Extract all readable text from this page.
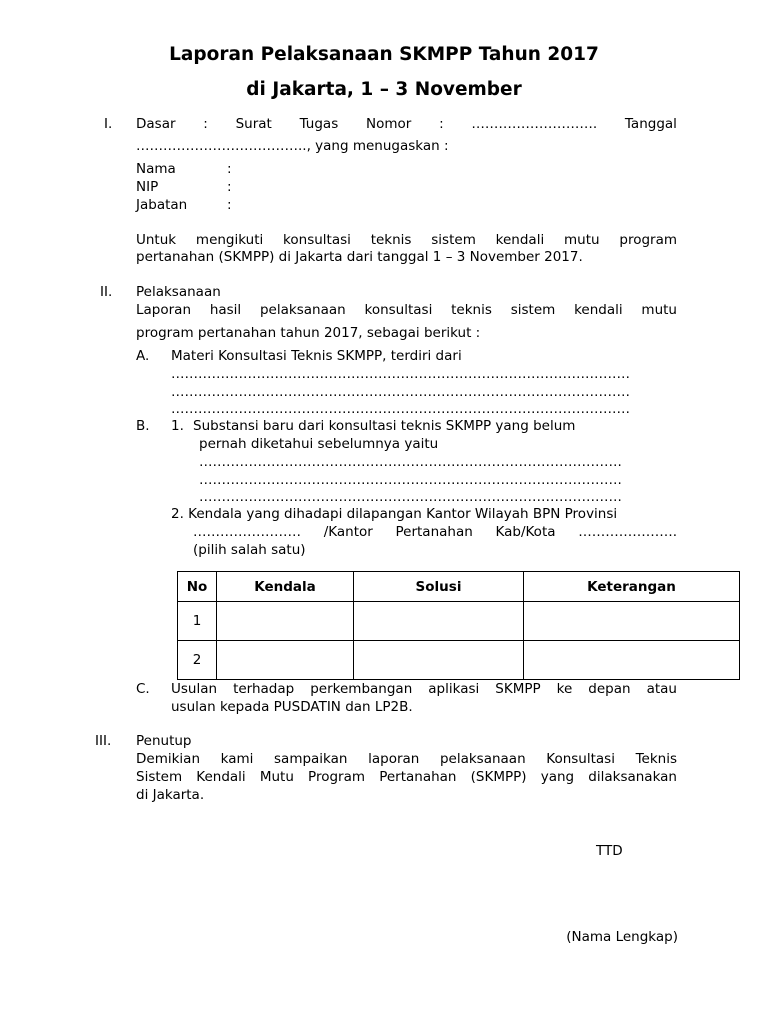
Laporan Pelaksanaan SKMPP Tahun 2017
di Jakarta, 1 – 3 November
I. Dasar : Surat Tugas Nomor : ………………………. Tanggal
……………………………….., yang menugaskan :
Nama	:
NIP	:
Jabatan	:
Untuk mengikuti konsultasi teknis sistem kendali mutu program
pertanahan (SKMPP) di Jakarta dari tanggal 1 – 3 November 2017.
II. Pelaksanaan
Laporan hasil pelaksanaan konsultasi teknis sistem kendali mutu
program pertanahan tahun 2017, sebagai berikut :
A. Materi Konsultasi Teknis SKMPP, terdiri dari
…………………………………………………………………………………………
…………………………………………………………………………………………
…………………………………………………………………………………………
B. 1. Substansi baru dari konsultasi teknis SKMPP yang belum
pernah diketahui sebelumnya yaitu
………………………………………………………………………………….
………………………………………………………………………………….
………………………………………………………………………………….
2. Kendala yang dihadapi dilapangan Kantor Wilayah BPN Provinsi
…………………… /Kantor Pertanahan Kab/Kota ………………….
(pilih salah satu)
No	Kendala	Solusi	Keterangan
1			
2			
C. Usulan terhadap perkembangan aplikasi SKMPP ke depan atau
usulan kepada PUSDATIN dan LP2B.
III. Penutup
Demikian kami sampaikan laporan pelaksanaan Konsultasi Teknis
Sistem Kendali Mutu Program Pertanahan (SKMPP) yang dilaksanakan
di Jakarta.
TTD
(Nama Lengkap)
